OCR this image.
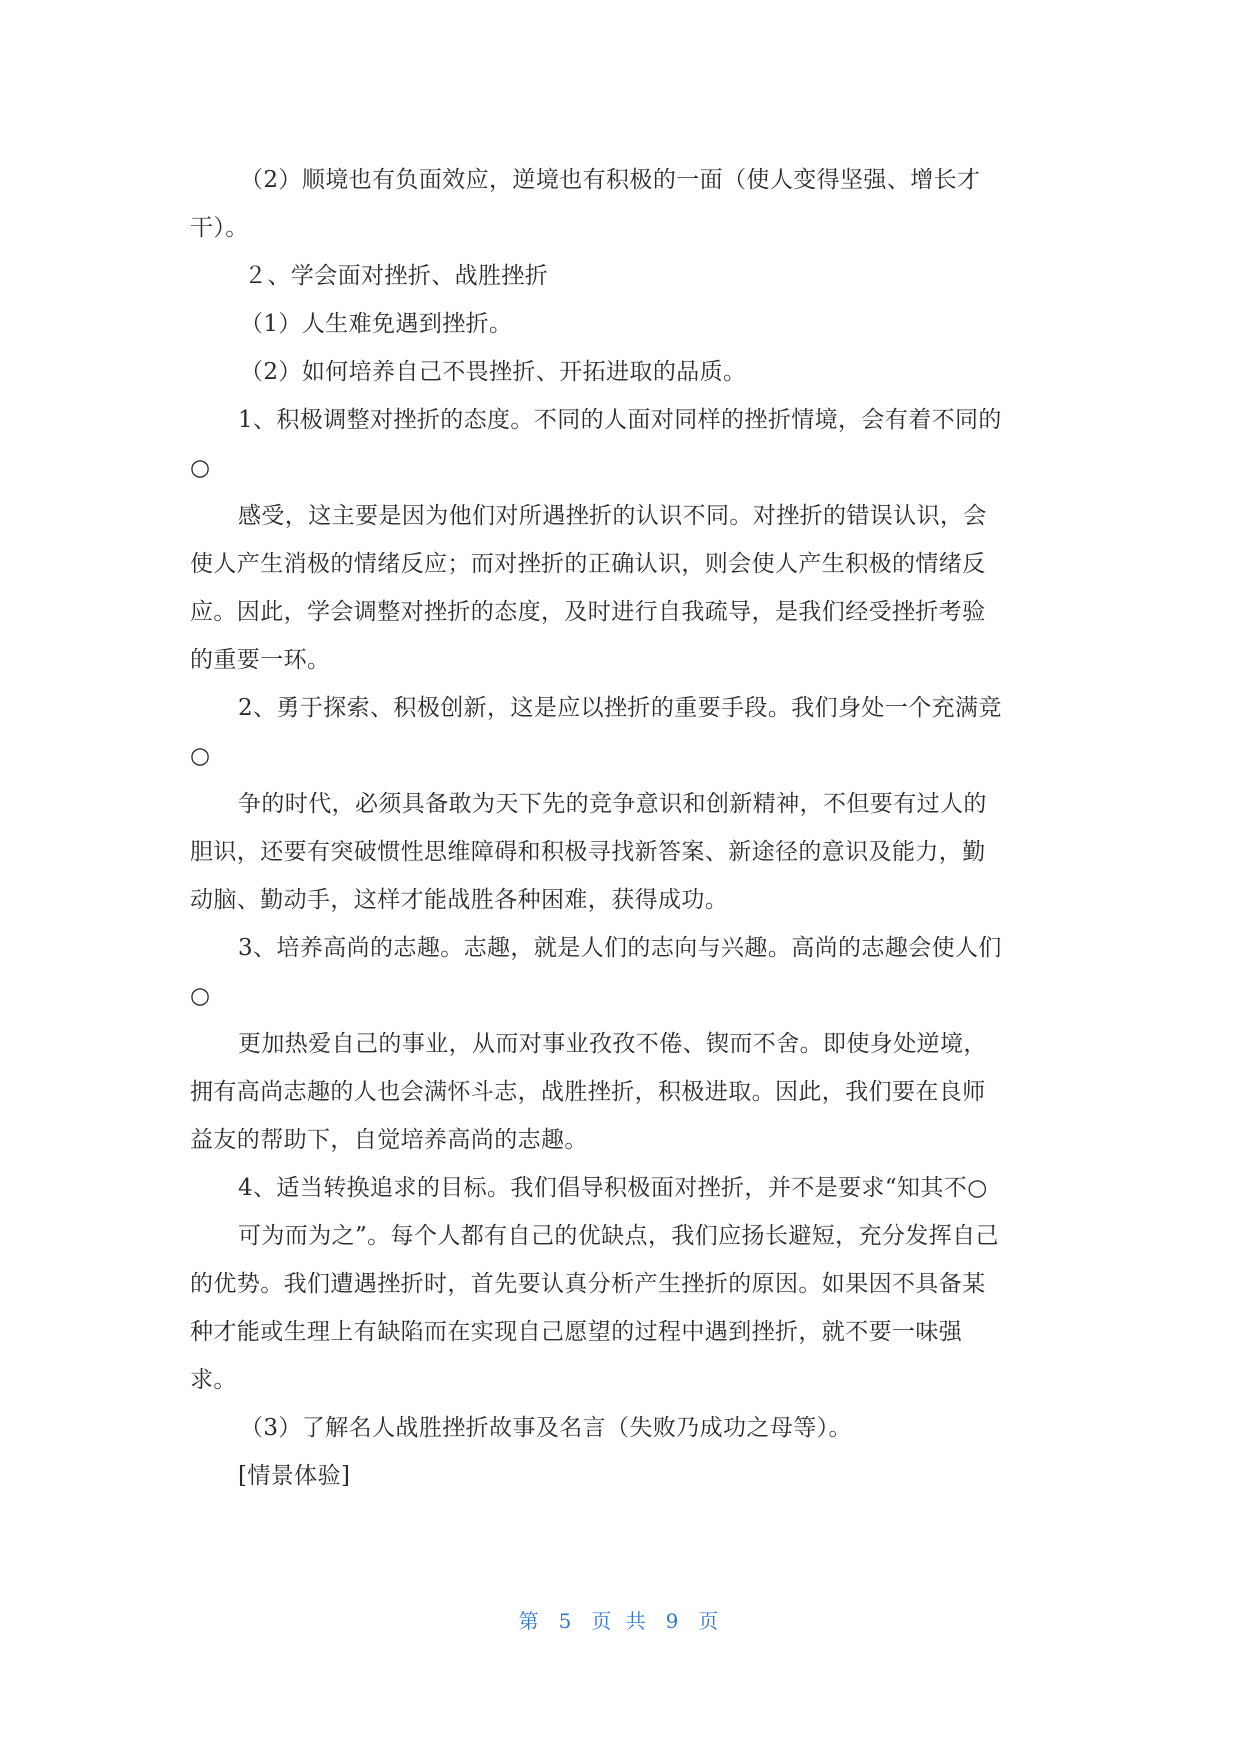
（2）顺境也有负面效应，逆境也有积极的一面（使人变得坚强、增长才
干）。
２、学会面对挫折、战胜挫折
（1）人生难免遇到挫折。
（2）如何培养自己不畏挫折、开拓进取的品质。
1、积极调整对挫折的态度。不同的人面对同样的挫折情境，会有着不同的
○
感受，这主要是因为他们对所遇挫折的认识不同。对挫折的错误认识，会
使人产生消极的情绪反应；而对挫折的正确认识，则会使人产生积极的情绪反
应。因此，学会调整对挫折的态度，及时进行自我疏导，是我们经受挫折考验
的重要一环。
2、勇于探索、积极创新，这是应以挫折的重要手段。我们身处一个充满竞
○
争的时代，必须具备敢为天下先的竞争意识和创新精神，不但要有过人的
胆识，还要有突破惯性思维障碍和积极寻找新答案、新途径的意识及能力，勤
动脑、勤动手，这样才能战胜各种困难，获得成功。
3、培养高尚的志趣。志趣，就是人们的志向与兴趣。高尚的志趣会使人们
○
更加热爱自己的事业，从而对事业孜孜不倦、锲而不舍。即使身处逆境，
拥有高尚志趣的人也会满怀斗志，战胜挫折，积极进取。因此，我们要在良师
益友的帮助下，自觉培养高尚的志趣。
4、适当转换追求的目标。我们倡导积极面对挫折，并不是要求“知其不○
可为而为之”。每个人都有自己的优缺点，我们应扬长避短，充分发挥自己
的优势。我们遭遇挫折时，首先要认真分析产生挫折的原因。如果因不具备某
种才能或生理上有缺陷而在实现自己愿望的过程中遇到挫折，就不要一味强
求。
（3）了解名人战胜挫折故事及名言（失败乃成功之母等）。
[情景体验]
第 5 页 共 9 页
